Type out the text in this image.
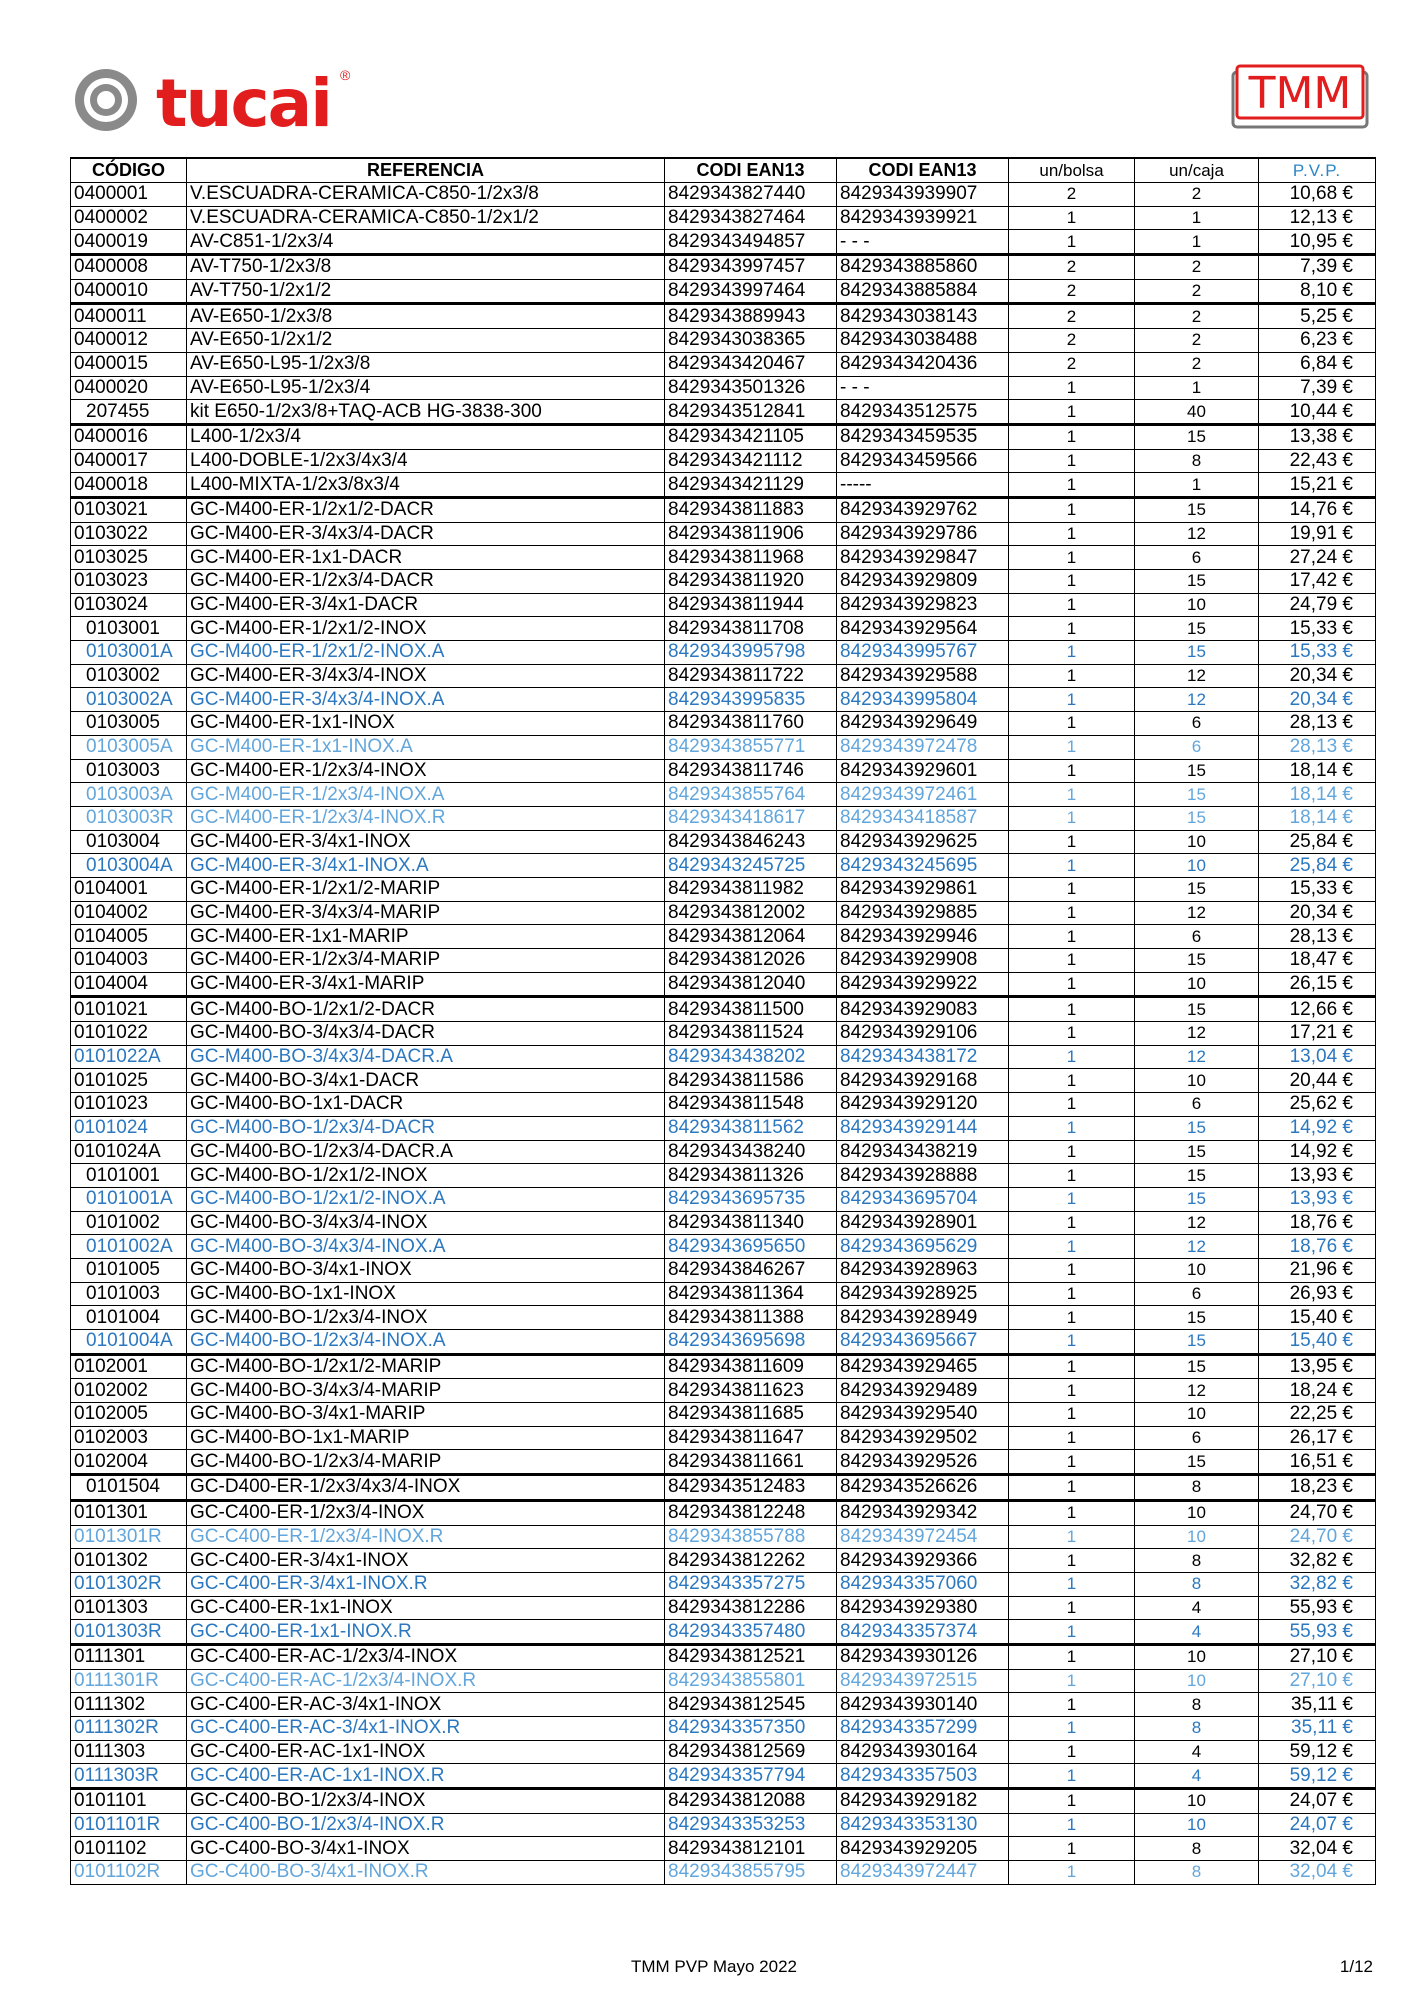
tucai ®	TMM
CÓDIGO	REFERENCIA	CODI EAN13	CODI EAN13	un/bolsa	un/caja	P.V.P.
0400001	V.ESCUADRA-CERAMICA-C850-1/2x3/8	8429343827440	8429343939907	2	2	10,68 €
0400002	V.ESCUADRA-CERAMICA-C850-1/2x1/2	8429343827464	8429343939921	1	1	12,13 €
0400019	AV-C851-1/2x3/4	8429343494857	- - -	1	1	10,95 €
0400008	AV-T750-1/2x3/8	8429343997457	8429343885860	2	2	7,39 €
0400010	AV-T750-1/2x1/2	8429343997464	8429343885884	2	2	8,10 €
0400011	AV-E650-1/2x3/8	8429343889943	8429343038143	2	2	5,25 €
0400012	AV-E650-1/2x1/2	8429343038365	8429343038488	2	2	6,23 €
0400015	AV-E650-L95-1/2x3/8	8429343420467	8429343420436	2	2	6,84 €
0400020	AV-E650-L95-1/2x3/4	8429343501326	- - -	1	1	7,39 €
207455	kit E650-1/2x3/8+TAQ-ACB HG-3838-300	8429343512841	8429343512575	1	40	10,44 €
0400016	L400-1/2x3/4	8429343421105	8429343459535	1	15	13,38 €
0400017	L400-DOBLE-1/2x3/4x3/4	8429343421112	8429343459566	1	8	22,43 €
0400018	L400-MIXTA-1/2x3/8x3/4	8429343421129	-----	1	1	15,21 €
0103021	GC-M400-ER-1/2x1/2-DACR	8429343811883	8429343929762	1	15	14,76 €
0103022	GC-M400-ER-3/4x3/4-DACR	8429343811906	8429343929786	1	12	19,91 €
0103025	GC-M400-ER-1x1-DACR	8429343811968	8429343929847	1	6	27,24 €
0103023	GC-M400-ER-1/2x3/4-DACR	8429343811920	8429343929809	1	15	17,42 €
0103024	GC-M400-ER-3/4x1-DACR	8429343811944	8429343929823	1	10	24,79 €
0103001	GC-M400-ER-1/2x1/2-INOX	8429343811708	8429343929564	1	15	15,33 €
0103001A	GC-M400-ER-1/2x1/2-INOX.A	8429343995798	8429343995767	1	15	15,33 €
0103002	GC-M400-ER-3/4x3/4-INOX	8429343811722	8429343929588	1	12	20,34 €
0103002A	GC-M400-ER-3/4x3/4-INOX.A	8429343995835	8429343995804	1	12	20,34 €
0103005	GC-M400-ER-1x1-INOX	8429343811760	8429343929649	1	6	28,13 €
0103005A	GC-M400-ER-1x1-INOX.A	8429343855771	8429343972478	1	6	28,13 €
0103003	GC-M400-ER-1/2x3/4-INOX	8429343811746	8429343929601	1	15	18,14 €
0103003A	GC-M400-ER-1/2x3/4-INOX.A	8429343855764	8429343972461	1	15	18,14 €
0103003R	GC-M400-ER-1/2x3/4-INOX.R	8429343418617	8429343418587	1	15	18,14 €
0103004	GC-M400-ER-3/4x1-INOX	8429343846243	8429343929625	1	10	25,84 €
0103004A	GC-M400-ER-3/4x1-INOX.A	8429343245725	8429343245695	1	10	25,84 €
0104001	GC-M400-ER-1/2x1/2-MARIP	8429343811982	8429343929861	1	15	15,33 €
0104002	GC-M400-ER-3/4x3/4-MARIP	8429343812002	8429343929885	1	12	20,34 €
0104005	GC-M400-ER-1x1-MARIP	8429343812064	8429343929946	1	6	28,13 €
0104003	GC-M400-ER-1/2x3/4-MARIP	8429343812026	8429343929908	1	15	18,47 €
0104004	GC-M400-ER-3/4x1-MARIP	8429343812040	8429343929922	1	10	26,15 €
0101021	GC-M400-BO-1/2x1/2-DACR	8429343811500	8429343929083	1	15	12,66 €
0101022	GC-M400-BO-3/4x3/4-DACR	8429343811524	8429343929106	1	12	17,21 €
0101022A	GC-M400-BO-3/4x3/4-DACR.A	8429343438202	8429343438172	1	12	13,04 €
0101025	GC-M400-BO-3/4x1-DACR	8429343811586	8429343929168	1	10	20,44 €
0101023	GC-M400-BO-1x1-DACR	8429343811548	8429343929120	1	6	25,62 €
0101024	GC-M400-BO-1/2x3/4-DACR	8429343811562	8429343929144	1	15	14,92 €
0101024A	GC-M400-BO-1/2x3/4-DACR.A	8429343438240	8429343438219	1	15	14,92 €
0101001	GC-M400-BO-1/2x1/2-INOX	8429343811326	8429343928888	1	15	13,93 €
0101001A	GC-M400-BO-1/2x1/2-INOX.A	8429343695735	8429343695704	1	15	13,93 €
0101002	GC-M400-BO-3/4x3/4-INOX	8429343811340	8429343928901	1	12	18,76 €
0101002A	GC-M400-BO-3/4x3/4-INOX.A	8429343695650	8429343695629	1	12	18,76 €
0101005	GC-M400-BO-3/4x1-INOX	8429343846267	8429343928963	1	10	21,96 €
0101003	GC-M400-BO-1x1-INOX	8429343811364	8429343928925	1	6	26,93 €
0101004	GC-M400-BO-1/2x3/4-INOX	8429343811388	8429343928949	1	15	15,40 €
0101004A	GC-M400-BO-1/2x3/4-INOX.A	8429343695698	8429343695667	1	15	15,40 €
0102001	GC-M400-BO-1/2x1/2-MARIP	8429343811609	8429343929465	1	15	13,95 €
0102002	GC-M400-BO-3/4x3/4-MARIP	8429343811623	8429343929489	1	12	18,24 €
0102005	GC-M400-BO-3/4x1-MARIP	8429343811685	8429343929540	1	10	22,25 €
0102003	GC-M400-BO-1x1-MARIP	8429343811647	8429343929502	1	6	26,17 €
0102004	GC-M400-BO-1/2x3/4-MARIP	8429343811661	8429343929526	1	15	16,51 €
0101504	GC-D400-ER-1/2x3/4x3/4-INOX	8429343512483	8429343526626	1	8	18,23 €
0101301	GC-C400-ER-1/2x3/4-INOX	8429343812248	8429343929342	1	10	24,70 €
0101301R	GC-C400-ER-1/2x3/4-INOX.R	8429343855788	8429343972454	1	10	24,70 €
0101302	GC-C400-ER-3/4x1-INOX	8429343812262	8429343929366	1	8	32,82 €
0101302R	GC-C400-ER-3/4x1-INOX.R	8429343357275	8429343357060	1	8	32,82 €
0101303	GC-C400-ER-1x1-INOX	8429343812286	8429343929380	1	4	55,93 €
0101303R	GC-C400-ER-1x1-INOX.R	8429343357480	8429343357374	1	4	55,93 €
0111301	GC-C400-ER-AC-1/2x3/4-INOX	8429343812521	8429343930126	1	10	27,10 €
0111301R	GC-C400-ER-AC-1/2x3/4-INOX.R	8429343855801	8429343972515	1	10	27,10 €
0111302	GC-C400-ER-AC-3/4x1-INOX	8429343812545	8429343930140	1	8	35,11 €
0111302R	GC-C400-ER-AC-3/4x1-INOX.R	8429343357350	8429343357299	1	8	35,11 €
0111303	GC-C400-ER-AC-1x1-INOX	8429343812569	8429343930164	1	4	59,12 €
0111303R	GC-C400-ER-AC-1x1-INOX.R	8429343357794	8429343357503	1	4	59,12 €
0101101	GC-C400-BO-1/2x3/4-INOX	8429343812088	8429343929182	1	10	24,07 €
0101101R	GC-C400-BO-1/2x3/4-INOX.R	8429343353253	8429343353130	1	10	24,07 €
0101102	GC-C400-BO-3/4x1-INOX	8429343812101	8429343929205	1	8	32,04 €
0101102R	GC-C400-BO-3/4x1-INOX.R	8429343855795	8429343972447	1	8	32,04 €
TMM PVP Mayo 2022	1/12
